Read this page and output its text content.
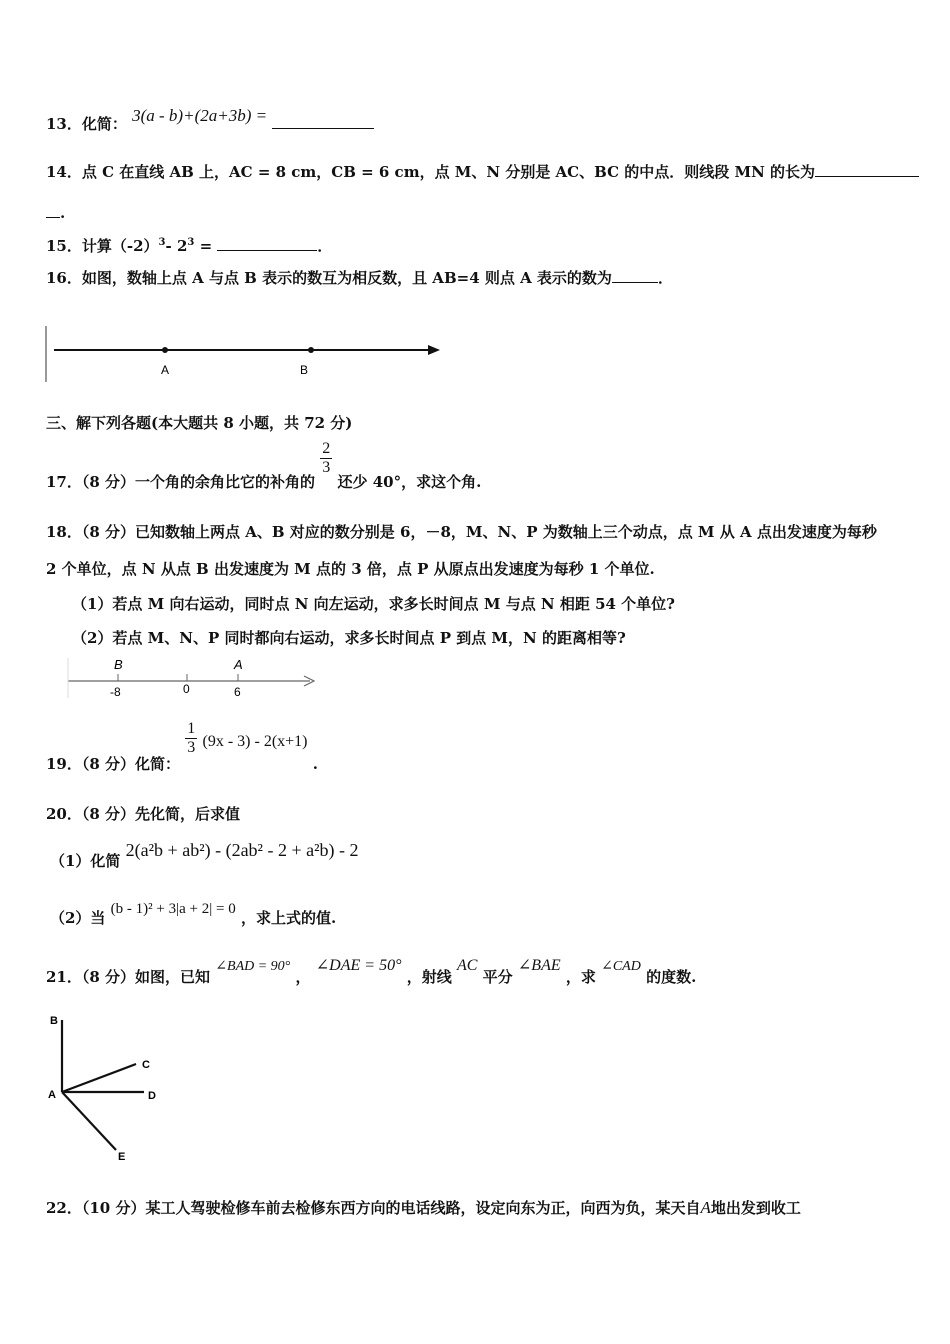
13．化简： 3(a - b)+(2a+3b) =
14．点 C 在直线 AB 上，AC = 8 cm，CB = 6 cm，点 M、N 分别是 AC、BC 的中点．则线段 MN 的长为
.
15．计算$(-2)^3-$ $2^3$ =	．
16．如图，数轴上点 A 与点 B 表示的数互为相反数，且 AB=4 则点 A 表示的数为	．
A	B
三、解下列各题(本大题共 8 小题，共 72 分)
17．（8 分）一个角的余角比它的补角的
$\frac{2}{3}$
还少 40°，求这个角.
18．（8 分）已知数轴上两点 A、B 对应的数分别是 6，－8，M、N、P 为数轴上三个动点，点 M 从 A 点出发速度为每秒
2 个单位，点 N 从点 B 出发速度为 M 点的 3 倍，点 P 从原点出发速度为每秒 1 个单位.
（1）若点 M 向右运动，同时点 N 向左运动，求多长时间点 M 与点 N 相距 54 个单位?
（2）若点 M、N、P 同时都向右运动，求多长时间点 P 到点 M，N 的距离相等?
B	A
-8	0	6
19．（8 分）化简：
$\frac{1}{3} (9x - 3) - 2(x+1)$ .
20．（8 分）先化简，后求值
（1）化简 2(a²b + ab²) - (2ab² - 2 + a²b) - 2
（2）当 (b - 1)² + 3|a + 2| = 0 ，求上式的值.
21．（8 分）如图，已知 ∠BAD = 90° ， ∠DAE = 50° ，射线 AC 平分 ∠BAE ，求 ∠CAD 的度数.
B
C
A	D
E
22．（10 分）某工人驾驶检修车前去检修东西方向的电话线路，设定向东为正，向西为负，某天自A地出发到收工
